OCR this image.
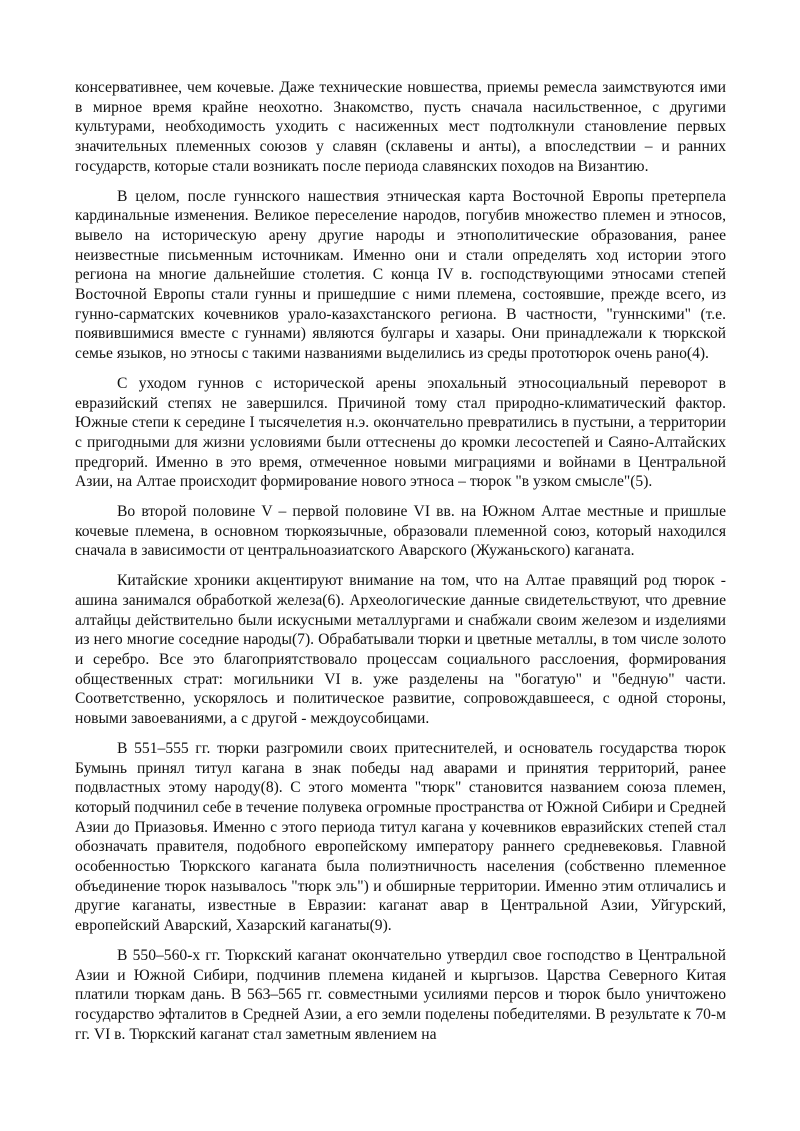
консервативнее, чем кочевые. Даже технические новшества, приемы ремесла заимствуются ими в мирное время крайне неохотно. Знакомство, пусть сначала насильственное, с другими культурами, необходимость уходить с насиженных мест подтолкнули становление первых значительных племенных союзов у славян (склавены и анты), а впоследствии – и ранних государств, которые стали возникать после периода славянских походов на Византию.

В целом, после гуннского нашествия этническая карта Восточной Европы претерпела кардинальные изменения. Великое переселение народов, погубив множество племен и этносов, вывело на историческую арену другие народы и этнополитические образования, ранее неизвестные письменным источникам. Именно они и стали определять ход истории этого региона на многие дальнейшие столетия. С конца IV в. господствующими этносами степей Восточной Европы стали гунны и пришедшие с ними племена, состоявшие, прежде всего, из гунно-сарматских кочевников урало-казахстанского региона. В частности, "гуннскими" (т.е. появившимися вместе с гуннами) являются булгары и хазары. Они принадлежали к тюркской семье языков, но этносы с такими названиями выделились из среды прототюрок очень рано(4).

С уходом гуннов с исторической арены эпохальный этносоциальный переворот в евразийский степях не завершился. Причиной тому стал природно-климатический фактор. Южные степи к середине I тысячелетия н.э. окончательно превратились в пустыни, а территории с пригодными для жизни условиями были оттеснены до кромки лесостепей и Саяно-Алтайских предгорий. Именно в это время, отмеченное новыми миграциями и войнами в Центральной Азии, на Алтае происходит формирование нового этноса – тюрок "в узком смысле"(5).

Во второй половине V – первой половине VI вв. на Южном Алтае местные и пришлые кочевые племена, в основном тюркоязычные, образовали племенной союз, который находился сначала в зависимости от центральноазиатского Аварского (Жужаньского) каганата.

Китайские хроники акцентируют внимание на том, что на Алтае правящий род тюрок - ашина занимался обработкой железа(6). Археологические данные свидетельствуют, что древние алтайцы действительно были искусными металлургами и снабжали своим железом и изделиями из него многие соседние народы(7). Обрабатывали тюрки и цветные металлы, в том числе золото и серебро. Все это благоприятствовало процессам социального расслоения, формирования общественных страт: могильники VI в. уже разделены на "богатую" и "бедную" части. Соответственно, ускорялось и политическое развитие, сопровождавшееся, с одной стороны, новыми завоеваниями, а с другой - междоусобицами.

В 551–555 гг. тюрки разгромили своих притеснителей, и основатель государства тюрок Бумынь принял титул кагана в знак победы над аварами и принятия территорий, ранее подвластных этому народу(8). С этого момента "тюрк" становится названием союза племен, который подчинил себе в течение полувека огромные пространства от Южной Сибири и Средней Азии до Приазовья. Именно с этого периода титул кагана у кочевников евразийских степей стал обозначать правителя, подобного европейскому императору раннего средневековья. Главной особенностью Тюркского каганата была полиэтничность населения (собственно племенное объединение тюрок называлось "тюрк эль") и обширные территории. Именно этим отличались и другие каганаты, известные в Евразии: каганат авар в Центральной Азии, Уйгурский, европейский Аварский, Хазарский каганаты(9).

В 550–560-х гг. Тюркский каганат окончательно утвердил свое господство в Центральной Азии и Южной Сибири, подчинив племена киданей и кыргызов. Царства Северного Китая платили тюркам дань. В 563–565 гг. совместными усилиями персов и тюрок было уничтожено государство эфталитов в Средней Азии, а его земли поделены победителями. В результате к 70-м гг. VI в. Тюркский каганат стал заметным явлением на
